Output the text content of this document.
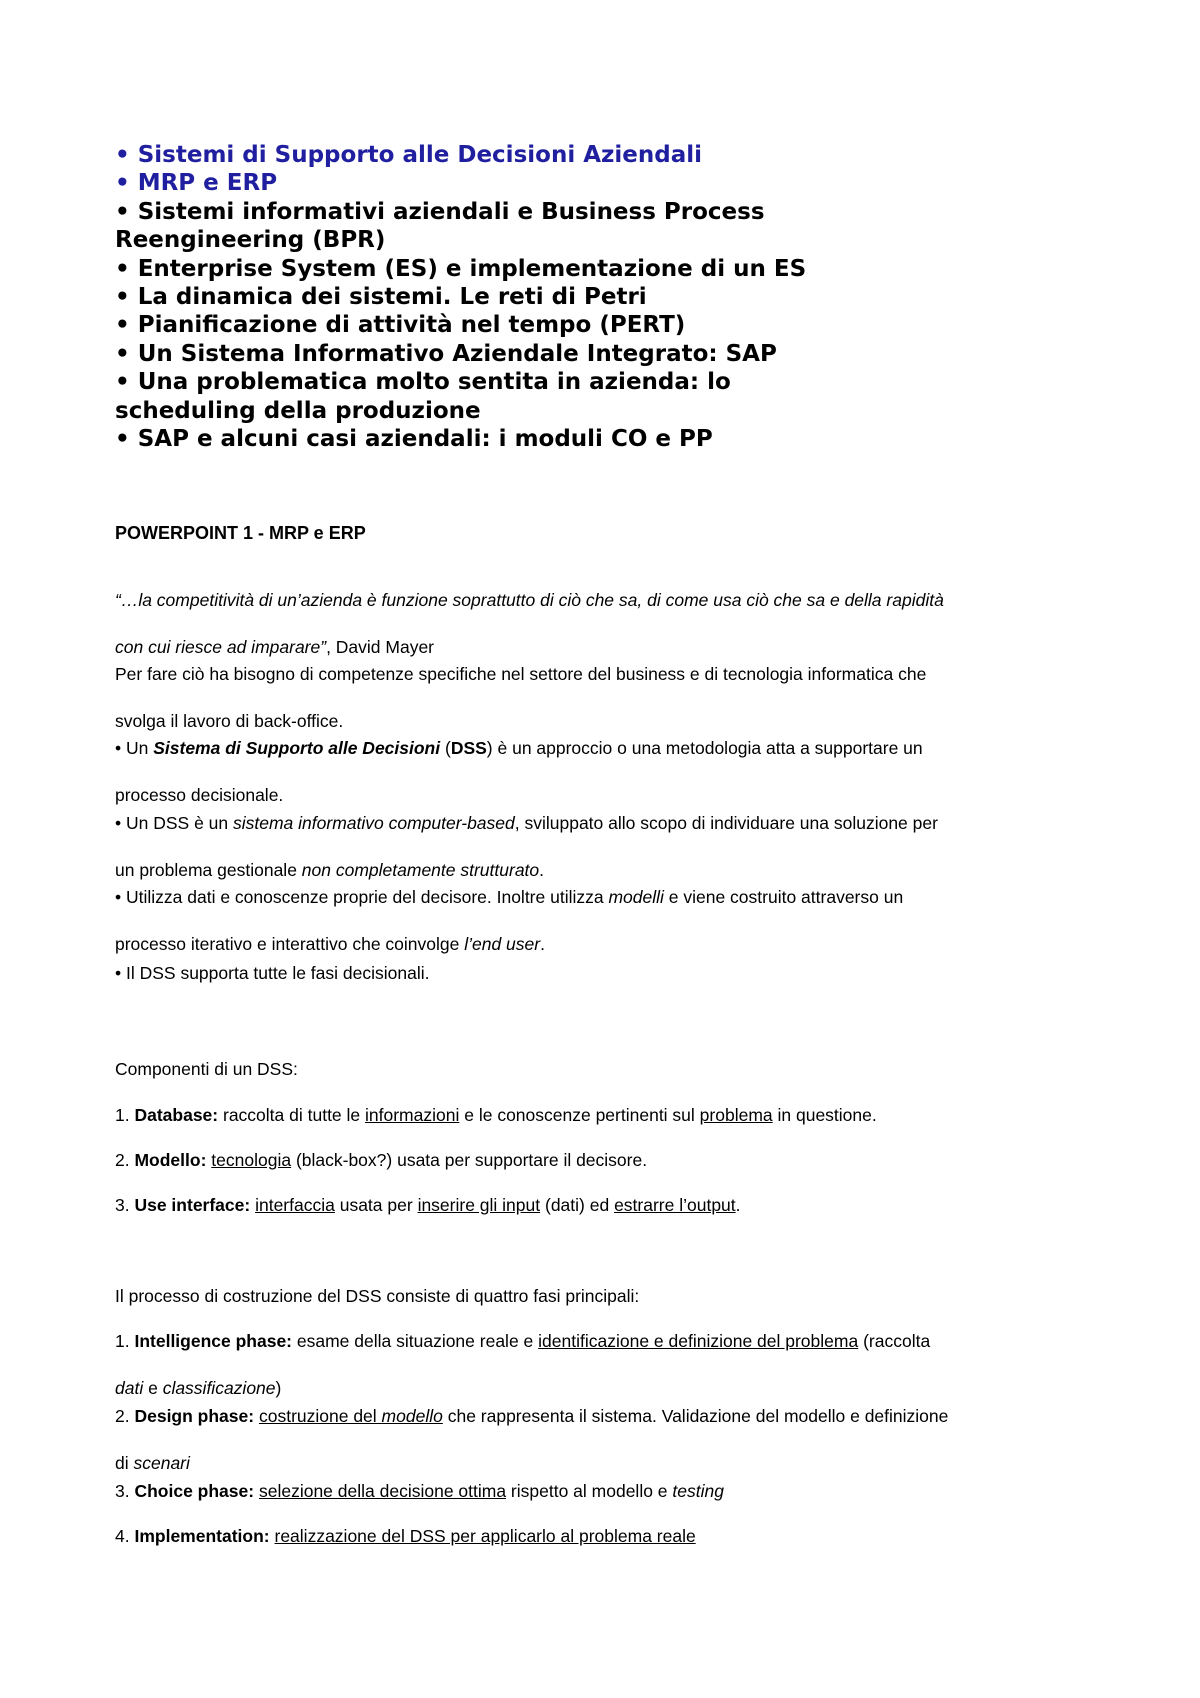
• Sistemi di Supporto alle Decisioni Aziendali
• MRP e ERP
• Sistemi informativi aziendali e Business Process
Reengineering (BPR)
• Enterprise System (ES) e implementazione di un ES
• La dinamica dei sistemi. Le reti di Petri
• Pianificazione di attività nel tempo (PERT)
• Un Sistema Informativo Aziendale Integrato: SAP
• Una problematica molto sentita in azienda: lo
scheduling della produzione
• SAP e alcuni casi aziendali: i moduli CO e PP
POWERPOINT 1 - MRP e ERP

“…la competitività di un’azienda è funzione soprattutto di ciò che sa, di come usa ciò che sa e della rapidità

con cui riesce ad imparare”, David Mayer

Per fare ciò ha bisogno di competenze specifiche nel settore del business e di tecnologia informatica che

svolga il lavoro di back-office.

• Un Sistema di Supporto alle Decisioni (DSS) è un approccio o una metodologia atta a supportare un

processo decisionale.

• Un DSS è un sistema informativo computer-based, sviluppato allo scopo di individuare una soluzione per

un problema gestionale non completamente strutturato.

• Utilizza dati e conoscenze proprie del decisore. Inoltre utilizza modelli e viene costruito attraverso un

processo iterativo e interattivo che coinvolge l’end user.

• Il DSS supporta tutte le fasi decisionali.

Componenti di un DSS:

1. Database: raccolta di tutte le informazioni e le conoscenze pertinenti sul problema in questione.

2. Modello: tecnologia (black-box?) usata per supportare il decisore.

3. Use interface: interfaccia usata per inserire gli input (dati) ed estrarre l’output.

Il processo di costruzione del DSS consiste di quattro fasi principali:

1. Intelligence phase: esame della situazione reale e identificazione e definizione del problema (raccolta

dati e classificazione)

2. Design phase: costruzione del modello che rappresenta il sistema. Validazione del modello e definizione

di scenari

3. Choice phase: selezione della decisione ottima rispetto al modello e testing

4. Implementation: realizzazione del DSS per applicarlo al problema reale
